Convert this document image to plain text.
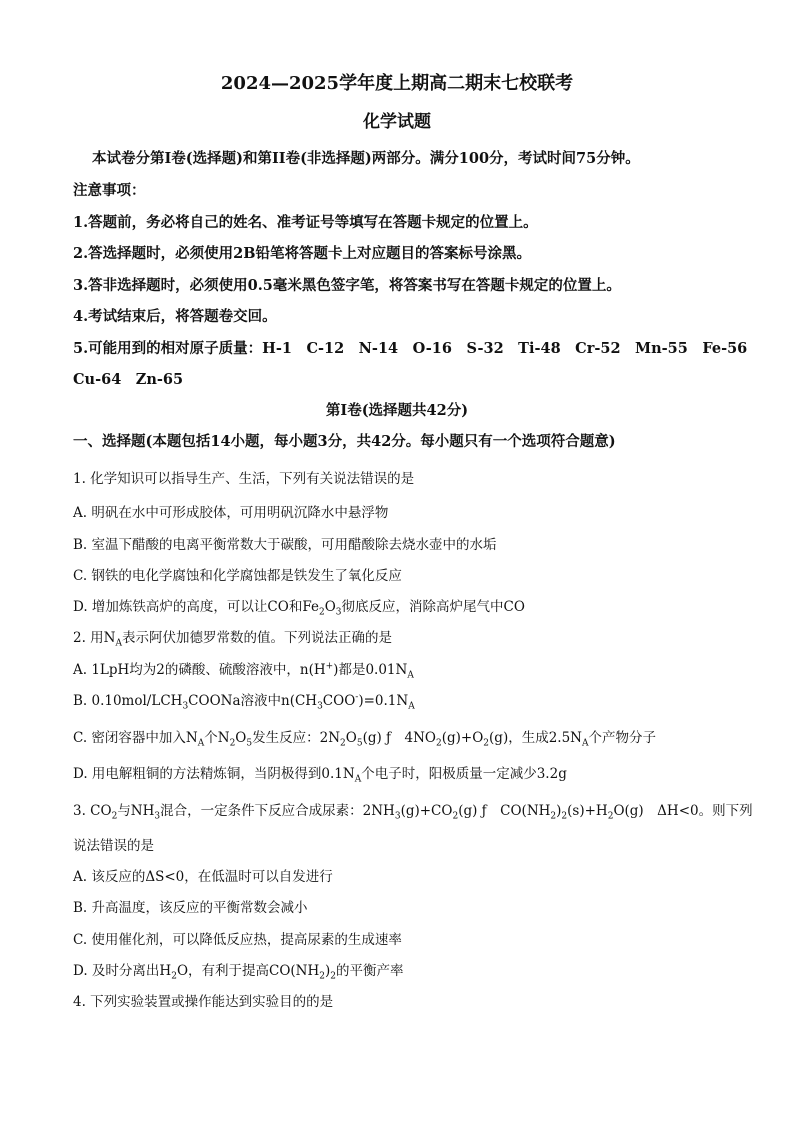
2024—2025学年度上期高二期末七校联考
化学试题
本试卷分第I卷(选择题)和第II卷(非选择题)两部分。满分100分，考试时间75分钟。
注意事项：
1.答题前，务必将自己的姓名、准考证号等填写在答题卡规定的位置上。
2.答选择题时，必须使用2B铅笔将答题卡上对应题目的答案标号涂黑。
3.答非选择题时，必须使用0.5毫米黑色签字笔，将答案书写在答题卡规定的位置上。
4.考试结束后，将答题卷交回。
5.可能用到的相对原子质量：H-1　C-12　N-14　O-16　S-32　Ti-48　Cr-52　Mn-55　Fe-56
Cu-64　Zn-65
第I卷(选择题共42分)
一、选择题(本题包括14小题，每小题3分，共42分。每小题只有一个选项符合题意)
1. 化学知识可以指导生产、生活，下列有关说法错误的是
A. 明矾在水中可形成胶体，可用明矾沉降水中悬浮物
B. 室温下醋酸的电离平衡常数大于碳酸，可用醋酸除去烧水壶中的水垢
C. 钢铁的电化学腐蚀和化学腐蚀都是铁发生了氧化反应
D. 增加炼铁高炉的高度，可以让CO和$Fe_2O_3$彻底反应，消除高炉尾气中CO
2. 用$N_A$表示阿伏加德罗常数的值。下列说法正确的是
A. 1LpH均为2的磷酸、硫酸溶液中，n(H+)都是$0.01N_A$
B. $0.10mol/LCH_3COONa$溶液中$n(CH_3COO^-)=0.1N_A$
C. 密闭容器中加入$N_A$个$N_2O_5$发生反应：$2N_2O_5(g)$ ƒ　$4NO_2(g)+O_2(g)$，生成$2.5N_A$个产物分子
D. 用电解粗铜的方法精炼铜，当阴极得到$0.1N_A$个电子时，阳极质量一定减少3.2g
3. $CO_2$与$NH_3$混合，一定条件下反应合成尿素：$2NH_3(g)+CO_2(g)$ ƒ　$CO(NH_2)_2(s)+H_2O(g)$　ΔH<0。则下列
说法错误的是
A. 该反应的ΔS<0，在低温时可以自发进行
B. 升高温度，该反应的平衡常数会减小
C. 使用催化剂，可以降低反应热，提高尿素的生成速率
D. 及时分离出$H_2O$，有利于提高$CO(NH_2)_2$的平衡产率
4. 下列实验装置或操作能达到实验目的的是
